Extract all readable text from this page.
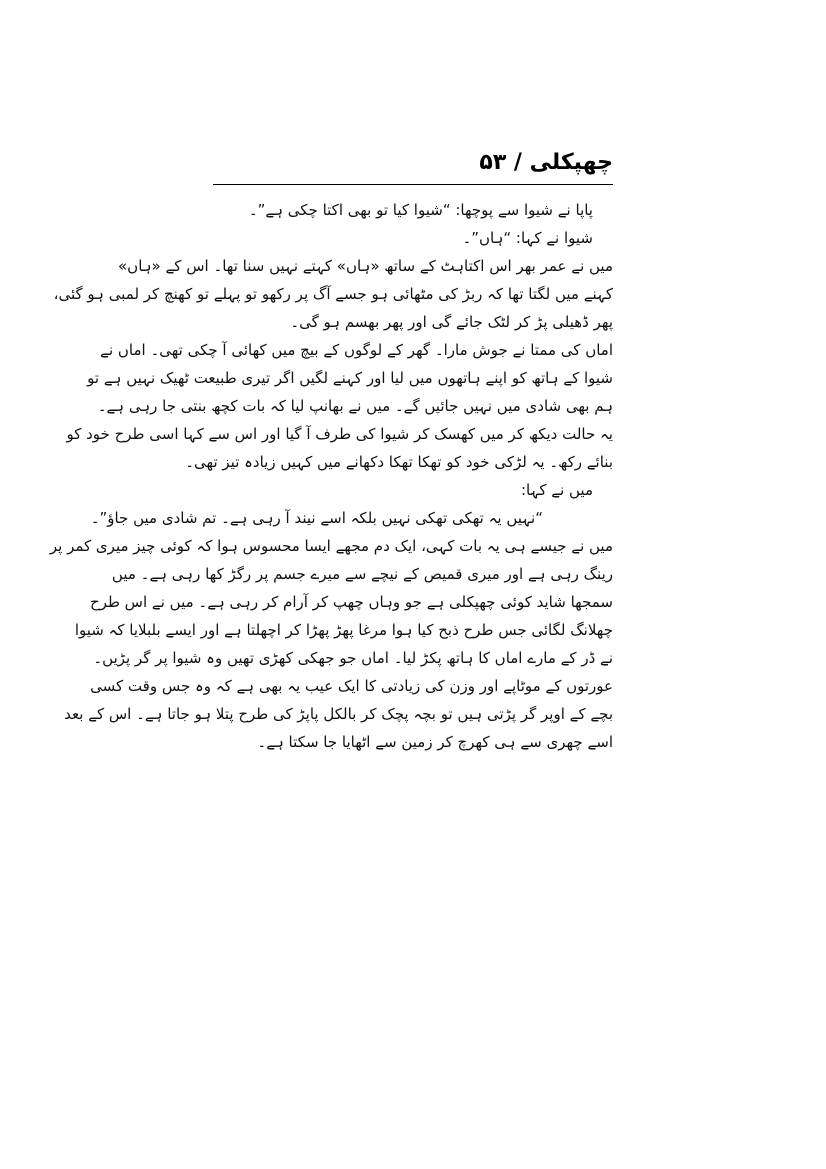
چھپکلی / ۵۳
پاپا نے شیوا سے پوچھا: “شیوا کیا تو بھی اکتا چکی ہے”۔
شیوا نے کہا: “ہاں”۔
میں نے عمر بھر اس اکتاہٹ کے ساتھ «ہاں» کہتے نہیں سنا تھا۔ اس کے «ہاں»
کہنے میں لگتا تھا کہ ربڑ کی مٹھائی ہو جسے آگ پر رکھو تو پہلے تو کھنچ کر لمبی ہو گئی،
پھر ڈھیلی پڑ کر لٹک جائے گی اور پھر بھسم ہو گی۔
اماں کی ممتا نے جوش مارا۔ گھر کے لوگوں کے بیچ میں کھائی آ چکی تھی۔ اماں نے
شیوا کے ہاتھ کو اپنے ہاتھوں میں لیا اور کہنے لگیں اگر تیری طبیعت ٹھیک نہیں ہے تو
ہم بھی شادی میں نہیں جائیں گے۔ میں نے بھانپ لیا کہ بات کچھ بنتی جا رہی ہے۔
یہ حالت دیکھ کر میں کھسک کر شیوا کی طرف آ گیا اور اس سے کہا اسی طرح خود کو
بنائے رکھ۔ یہ لڑکی خود کو تھکا تھکا دکھانے میں کہیں زیادہ تیز تھی۔
میں نے کہا:
“نہیں یہ تھکی تھکی نہیں بلکہ اسے نیند آ رہی ہے۔ تم شادی میں جاؤ”۔
میں نے جیسے ہی یہ بات کہی، ایک دم مجھے ایسا محسوس ہوا کہ کوئی چیز میری کمر پر
رینگ رہی ہے اور میری قمیص کے نیچے سے میرے جسم پر رگڑ کھا رہی ہے۔ میں
سمجھا شاید کوئی چھپکلی ہے جو وہاں چھپ کر آرام کر رہی ہے۔ میں نے اس طرح
چھلانگ لگائی جس طرح ذبح کیا ہوا مرغا پھڑ پھڑا کر اچھلتا ہے اور ایسے بلبلایا کہ شیوا
نے ڈر کے مارے اماں کا ہاتھ پکڑ لیا۔ اماں جو جھکی کھڑی تھیں وہ شیوا پر گر پڑیں۔
عورتوں کے موٹاپے اور وزن کی زیادتی کا ایک عیب یہ بھی ہے کہ وہ جس وقت کسی
بچے کے اوپر گر پڑتی ہیں تو بچہ پچک کر بالکل پاپڑ کی طرح پتلا ہو جاتا ہے۔ اس کے بعد
اسے چھری سے ہی کھرچ کر زمین سے اٹھایا جا سکتا ہے۔
